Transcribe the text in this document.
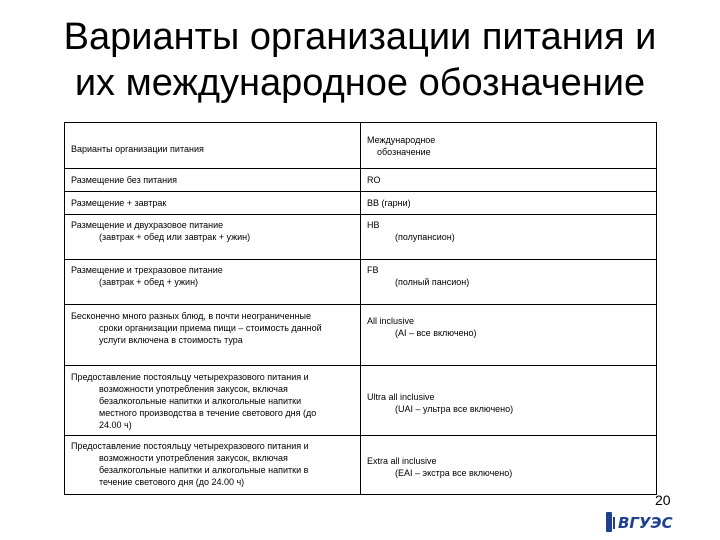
Варианты организации питания и
их международное обозначение
Варианты организации питания	Международное
обозначение

Размещение без питания	RO
Размещение + завтрак	BB (гарни)

Размещение и двухразовое питание
(завтрак + обед или завтрак + ужин)	HB
(полупансион)

Размещение и трехразовое питание
(завтрак + обед + ужин)	FB
(полный пансион)

Бесконечно много разных блюд, в почти неограниченные
сроки организации приема пищи – стоимость данной
услуги включена в стоимость тура	All inclusive
(AI – все включено)

Предоставление постояльцу четырехразового питания и
возможности употребления закусок, включая
безалкогольные напитки и алкогольные напитки
местного производства в течение светового дня (до
24.00 ч)	Ultra all inclusive
(UAI – ультра все включено)

Предоставление постояльцу четырехразового питания и
возможности употребления закусок, включая
безалкогольные напитки и алкогольные напитки в
течение светового дня (до 24.00 ч)	Extra all inclusive
(EAI – экстра все включено)
20
ВГУЭС
